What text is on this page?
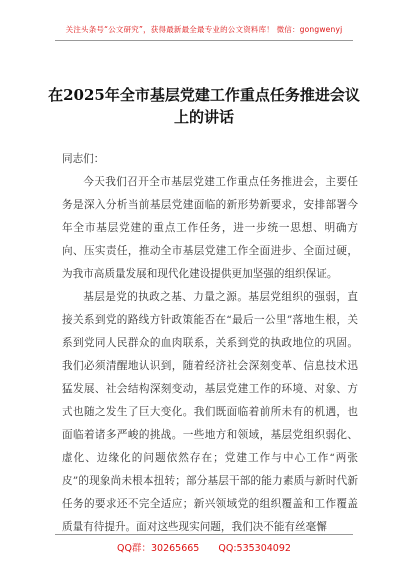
关注头条号“公文研究”，获得最新最全最专业的公文资料库！ 微信：gongwenyj
在2025年全市基层党建工作重点任务推进会议上的讲话

同志们：

今天我们召开全市基层党建工作重点任务推进会，主要任务是深入分析当前基层党建面临的新形势新要求，安排部署今年全市基层党建的重点工作任务，进一步统一思想、明确方向、压实责任，推动全市基层党建工作全面进步、全面过硬，为我市高质量发展和现代化建设提供更加坚强的组织保证。

基层是党的执政之基、力量之源。基层党组织的强弱，直接关系到党的路线方针政策能否在“最后一公里”落地生根，关系到党同人民群众的血肉联系，关系到党的执政地位的巩固。我们必须清醒地认识到，随着经济社会深刻变革、信息技术迅猛发展、社会结构深刻变动，基层党建工作的环境、对象、方式也随之发生了巨大变化。我们既面临着前所未有的机遇，也面临着诸多严峻的挑战。一些地方和领域，基层党组织弱化、虚化、边缘化的问题依然存在；党建工作与中心工作“两张皮”的现象尚未根本扭转；部分基层干部的能力素质与新时代新任务的要求还不完全适应；新兴领域党的组织覆盖和工作覆盖质量有待提升。面对这些现实问题，我们决不能有丝毫懈

QQ群：30265665 QQ:535304092
